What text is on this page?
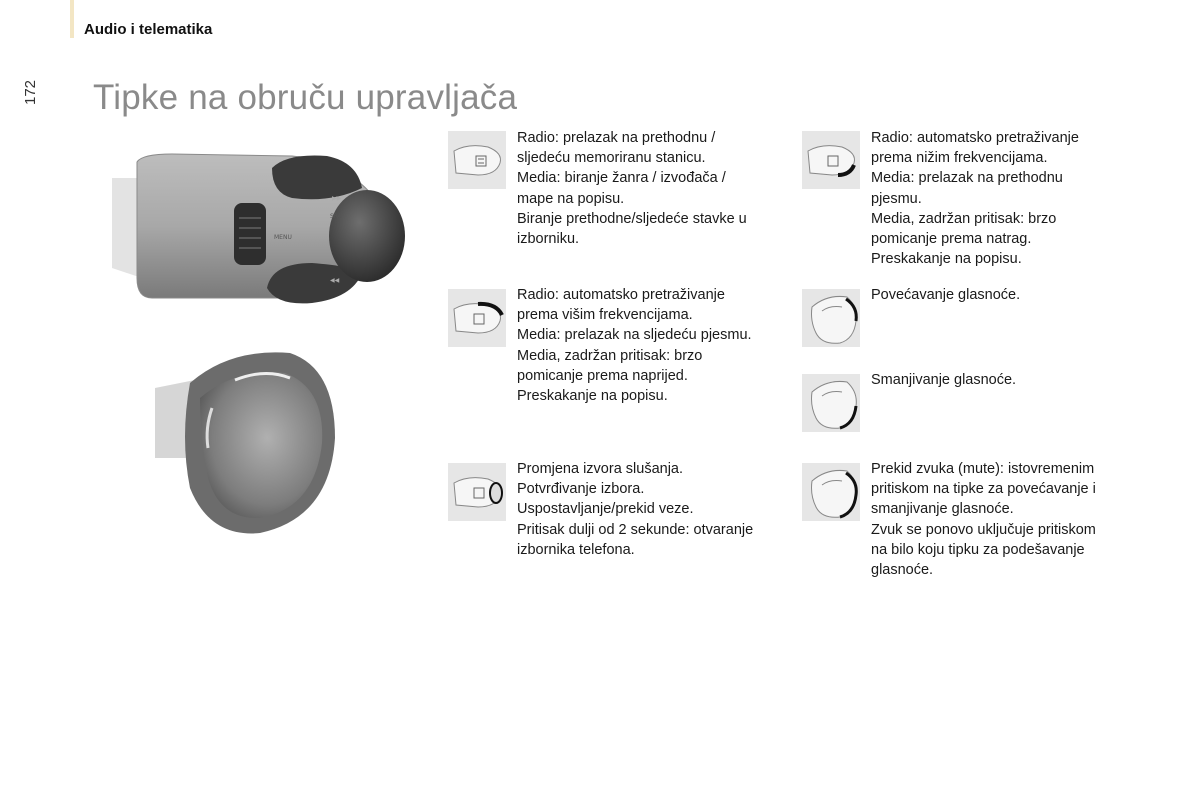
Audio i telematika
172 Tipke na obruču upravljača
MENU
SRC
▶▶
◀◀
Radio: prelazak na prethodnu /
sljedeću memoriranu stanicu.
Media: biranje žanra / izvođača /
mape na popisu.
Biranje prethodne/sljedeće stavke u
izborniku.
Radio: automatsko pretraživanje
prema nižim frekvencijama.
Media: prelazak na prethodnu
pjesmu.
Media, zadržan pritisak: brzo
pomicanje prema natrag.
Preskakanje na popisu.
Radio: automatsko pretraživanje
prema višim frekvencijama.
Media: prelazak na sljedeću pjesmu.
Media, zadržan pritisak: brzo
pomicanje prema naprijed.
Preskakanje na popisu.
Povećavanje glasnoće.
Smanjivanje glasnoće.
Promjena izvora slušanja.
Potvrđivanje izbora.
Uspostavljanje/prekid veze.
Pritisak dulji od 2 sekunde: otvaranje
izbornika telefona.
Prekid zvuka (mute): istovremenim
pritiskom na tipke za povećavanje i
smanjivanje glasnoće.
Zvuk se ponovo uključuje pritiskom
na bilo koju tipku za podešavanje
glasnoće.
